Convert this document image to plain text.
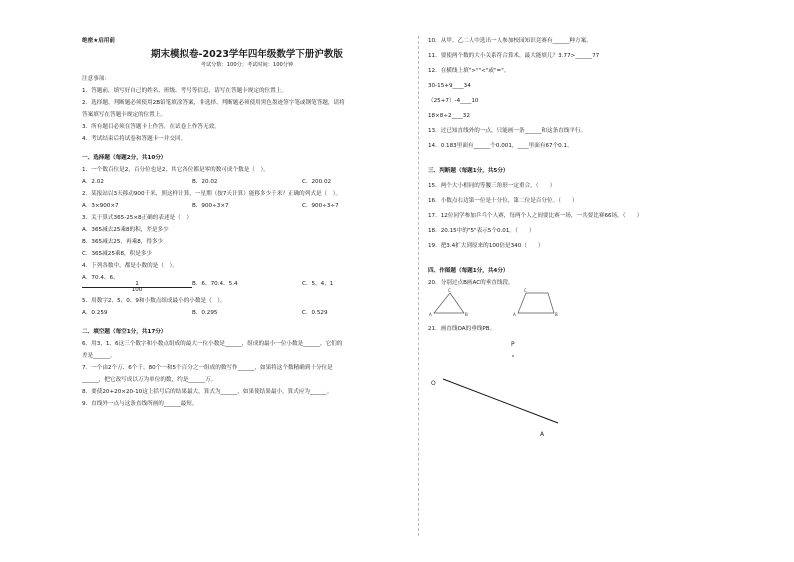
绝密★启用前
期末模拟卷-2023学年四年级数学下册沪教版
考试分数：100分；考试时间：100分钟
注意事项：
1．答题前，填写好自己的姓名、班级、考号等信息，请写在答题卡规定的位置上。
2．选择题、判断题必须使用2B铅笔填涂答案，非选择、判断题必须使用黑色墨迹签字笔或钢笔答题，请将
答案填写在答题卡规定的位置上。
3．所有题目必须在答题卡上作答，在试卷上作答无效。
4．考试结束后将试卷和答题卡一并交回。
一、选择题（每题2分，共10分）
1．一个数百位是2，百分位也是2，其它各位都是零的数可成个数是（　）。
A．2.02	B．20.02	C．200.02
2．某报站以3天移动900千米，照这样计算，一星期（按7天计算）能移多少千米？正确的列式是（　）。
A．3×900×7	B．900÷3×7	C．900÷3÷7
3．关于算式365-25×8正确的表述是（　）
A．365减去25乘8的积，差是多少
B．365减去25，再乘8，得多少
C．365减25乘8，积是多少
4．下列各数中，都是小数的是（　）。
A．70.4、6、
1
100
B．6、70.4、5.4	C．5、4、1
5．用数字2、5、0、9和小数点组成最小的小数是（　）。
A．0.259	B．0.295	C．0.529
二、填空题（每空1分，共17分）
6．用3、1、6这三个数字和小数点组成的最大一位小数是______，组成的最小一位小数是______，它们的
差是______。
7．一个由2个万、6个千、80个一和5个百分之一组成的数写作______，如果将这个数精确到十分位是
______，把它改写成以万为单位的数，约是______万。
8．要使20+20×20-10这上括号后的结果最大，算式为______，如果使结果最小，算式应为______。
9．直线外一点与这条直线所画的______最短。
10．从甲、乙二人中选出一人参加校园知识竞赛有______种方案。
11．要使两个数的大小关系符合算术，最大能填几？3.77>______77
12．在横线上填">""<"或"="。
30-15+9____34
（25+7）-4____10
18×8÷2____32
13．过已知直线外的一点，只能画一条______和这条直线平行。
14．0.183里面有______个0.001，____里面有67个0.1。
三、判断题（每题1分，共5分）
15．两个大小相同的等腰三角形一定重合。（　　）
16．小数点右边第一位是十分位，第二位是百分位。（　　）
17．12位同学参加乒乓个人赛，每两个人之间要比赛一场，一共要比赛66场。（　　）
18．20.15中的"5"表示5个0.01。（　　）
19．把3.4扩大到原来的100倍是340（　　）
四、作图题（每题1分，共4分）
20．分别过点B画AC的垂直线段。
C
A	B
C
A	B
21．画直线OA的垂线PB。
P
O
A
